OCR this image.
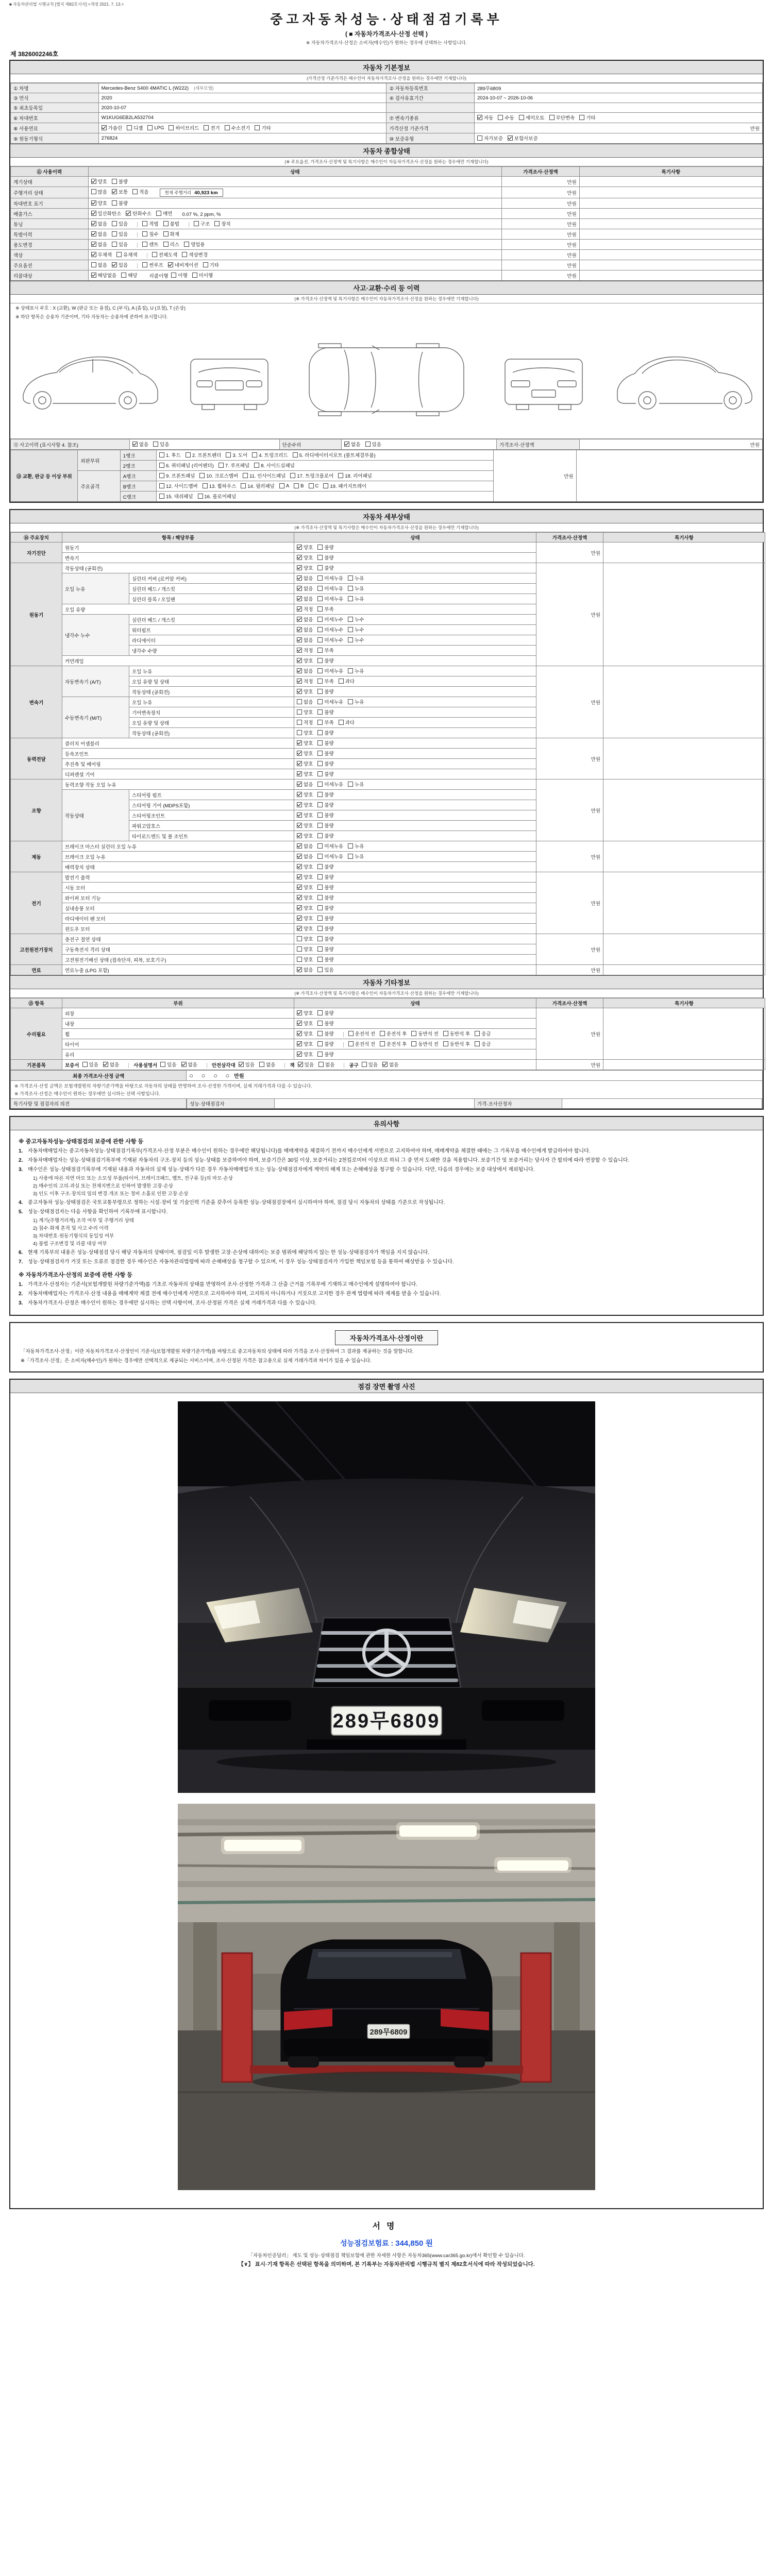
■ 자동차관리법 시행규칙 [별지 제82호서식] <개정 2021. 7. 13.>
중고자동차성능·상태점검기록부
( ■ 자동차가격조사·산정 선택 )
※ 자동차가격조사·산정은 소비자(매수인)가 원하는 경우에 선택하는 사항입니다.
제 3826002246호
자동차 기본정보
(가격산정 기준가격은 매수인이 자동차가격조사·산정을 원하는 경우에만 기재합니다)
① 차명	Mercedes-Benz S400 4MATIC L (W222) (세부모델)	② 자동차등록번호	289무6809
③ 연식	2020	④ 검사유효기간	2024-10-07 ~ 2026-10-06
⑤ 최초등록일	2020-10-07		
⑥ 차대번호	W1KUG6EB2LA532704	⑦ 변속기종류	자동 수동 세미오토 무단변속 기타

⑧ 사용연료	가솔린 디젤 LPG 하이브리드 전기 수소전기 기타	가격산정 기준가격	만원
⑨ 원동기형식	276824	⑩ 보증유형	자가보증 보험사보증
자동차 종합상태
(※ 주요옵션, 가격조사·산정액 및 특기사항은 매수인이 자동차가격조사·산정을 원하는 경우에만 기재합니다)
⑪ 사용이력	상태	가격조사·산정액	특기사항
계기상태	양호 불량	만원	
주행거리 상태	많음 보통 적음 현재 주행거리 40,923 km	만원	
차대번호 표기	양호 불량	만원	
배출가스	일산화탄소 탄화수소 매연 0.07 %, 2 ppm, %	만원	
튜닝	없음 있음	적법 불법	구조 장치	만원	
특별이력	없음 있음 침수 화재	만원	
용도변경	없음 있음 렌트 리스 영업용	만원	
색상	무채색 유채색 전체도색 색상변경	만원	
주요옵션	없음 있음 썬루프 네비게이션 기타	만원	
리콜대상	해당없음 해당 리콜이행 이행 미이행	만원	
사고·교환·수리 등 이력
(※ 가격조사·산정액 및 특기사항은 매수인이 자동차가격조사·산정을 원하는 경우에만 기재합니다)
※ 상태표시 부호 : X (교환), W (판금 또는 용접), C (부식), A (흠집), U (요철), T (손상)
※ 하단 항목은 승용차 기준이며, 기타 자동차는 승용차에 준하여 표시합니다.
⑫ 사고이력 (표시사항 4. 참조)	없음 있음	단순수리	없음 있음	가격조사·산정액	만원
⑬ 교환, 판금 등 이상 부위	외판부위	1랭크	1. 후드 2. 프론트펜더 3. 도어 4. 트렁크리드 5. 라디에이터서포트 (볼트체결부품)	만원	
		2랭크	6. 쿼터패널 (리어펜더) 7. 루프패널 8. 사이드실패널		

	주요골격	A랭크	9. 프론트패널 10. 크로스멤버 11. 인사이드패널 17. 트렁크플로어 18. 리어패널		

B랭크	12. 사이드멤버 13. 휠하우스 14. 필러패널 A B C 19. 패키지트레이

		C랭크	15. 대쉬패널 16. 플로어패널		
자동차 세부상태
(※ 가격조사·산정액 및 특기사항은 매수인이 자동차가격조사·산정을 원하는 경우에만 기재합니다)
⑭ 주요장치	항목 / 해당부품		상태	가격조사·산정액	특기사항
자기진단	원동기		양호 불량	만원	
	변속기		양호 불량		

원동기	작동상태 (공회전)		양호 불량	만원	
	오일 누유	실린더 커버 (로커암 커버)	없음 미세누유 누유		

		실린더 헤드 / 개스킷	없음 미세누유 누유		

		실린더 블록 / 오일팬	없음 미세누유 누유		

	오일 유량		적정 부족		

	냉각수 누수	실린더 헤드 / 개스킷	없음 미세누수 누수		

		워터펌프	없음 미세누수 누수		

		라디에이터	없음 미세누수 누수		

		냉각수 수량	적정 부족		

	커먼레일		양호 불량		

변속기	자동변속기 (A/T)	오일 누유	없음 미세누유 누유	만원	
		오일 유량 및 상태	적정 부족 과다		

		작동상태 (공회전)	양호 불량		

	수동변속기 (M/T)	오일 누유	없음 미세누유 누유		

		기어변속장치	양호 불량		

		오일 유량 및 상태	적정 부족 과다		

		작동상태 (공회전)	양호 불량		

동력전달	클러치 어셈블리		양호 불량	만원	
	등속조인트		양호 불량		

	추진축 및 베어링		양호 불량		

	디퍼렌셜 기어		양호 불량		

조향	동력조향 작동 오일 누유		없음 미세누유 누유	만원	
	작동상태	스티어링 펌프	양호 불량		

		스티어링 기어 (MDPS포함)	양호 불량		

		스티어링조인트	양호 불량		

		파워고압호스	양호 불량		

		타이로드엔드 및 볼 조인트	양호 불량		

제동	브레이크 마스터 실린더 오일 누유		없음 미세누유 누유	만원	
	브레이크 오일 누유		없음 미세누유 누유		

	배력장치 상태		양호 불량		

전기	발전기 출력		양호 불량	만원	
	시동 모터		양호 불량		

	와이퍼 모터 기능		양호 불량		

	실내송풍 모터		양호 불량		

	라디에이터 팬 모터		양호 불량		

	윈도우 모터		양호 불량		

고전원전기장치	충전구 절연 상태		양호 불량	만원	
	구동축전지 격리 상태		양호 불량		

	고전원전기배선 상태 (접속단자, 피복, 보호기구)		양호 불량		

연료	연료누출 (LPG 포함)		없음 있음	만원	
자동차 기타정보
(※ 가격조사·산정액 및 특기사항은 매수인이 자동차가격조사·산정을 원하는 경우에만 기재합니다)
⑮ 항목	부위	상태	가격조사·산정액	특기사항
수리필요	외장	양호 불량	만원	
	내장	양호 불량		

휠	양호 불량	운전석 전 운전석 후 동반석 전 동반석 후 응급

타이어	양호 불량	운전석 전 운전석 후 동반석 전 동반석 후 응급

	유리	양호 불량		

기본품목	보증서 있음 없음	사용설명서 있음 없음	안전삼각대 있음 없음	잭 있음 없음	공구 있음 없음	만원	
최종 가격조사·산정 금액	○ ○ ○ ○ 만원

※ 가격조사·산정 금액은 보험개발원의 차량기준가액을 바탕으로 자동차의 상태를 반영하여 조사·산정한 가격이며, 실제 거래가격과 다를 수 있습니다.
※ 가격조사·산정은 매수인이 원하는 경우에만 실시하는 선택 사항입니다.

특기사항 및 점검자의 의견		성능·상태점검자		가격·조사산정자	
유의사항

※ 중고자동차성능·상태점검의 보증에 관한 사항 등

1. 자동차매매업자는 중고자동차성능·상태점검기록부(가격조사·산정 부분은 매수인이 원하는 경우에만 해당됩니다)를 매매계약을 체결하기 전까지 매수인에게 서면으로 고지하여야 하며, 매매계약을 체결한 때에는 그 기록부를 매수인에게 발급하여야 합니다.
2. 자동차매매업자는 성능·상태점검기록부에 기재된 자동차의 구조·장치 등의 성능·상태를 보증하여야 하며, 보증기간은 30일 이상, 보증거리는 2천킬로미터 이상으로 하되 그 중 먼저 도래한 것을 적용합니다. 보증기간 및 보증거리는 당사자 간 합의에 따라 연장할 수 있습니다.
3. 매수인은 성능·상태점검기록부에 기재된 내용과 자동차의 실제 성능·상태가 다른 경우 자동차매매업자 또는 성능·상태점검자에게 계약의 해제 또는 손해배상을 청구할 수 있습니다. 다만, 다음의 경우에는 보증 대상에서 제외됩니다.
1) 사용에 따른 자연 마모 또는 소모성 부품(타이어, 브레이크패드, 벨트, 전구류 등)의 마모·손상
2) 매수인의 고의·과실 또는 천재지변으로 인하여 발생한 고장·손상
3) 인도 이후 구조·장치의 임의 변경·개조 또는 정비 소홀로 인한 고장·손상
4. 중고자동차 성능·상태점검은 국토교통부령으로 정하는 시설·장비 및 기술인력 기준을 갖추어 등록한 성능·상태점검장에서 실시하여야 하며, 점검 당시 자동차의 상태를 기준으로 작성됩니다.
5. 성능·상태점검자는 다음 사항을 확인하여 기록부에 표시합니다.
1) 계기(주행거리계) 조작 여부 및 주행거리 상태
2) 침수·화재 흔적 및 사고 수리 이력
3) 차대번호·원동기형식의 동일성 여부
4) 불법 구조변경 및 리콜 대상 여부
6. 현재 기록부의 내용은 성능·상태점검 당시 해당 자동차의 상태이며, 점검일 이후 발생한 고장·손상에 대하여는 보증 범위에 해당하지 않는 한 성능·상태점검자가 책임을 지지 않습니다.
7. 성능·상태점검자가 거짓 또는 오류로 점검한 경우 매수인은 자동차관리법령에 따라 손해배상을 청구할 수 있으며, 이 경우 성능·상태점검자가 가입한 책임보험 등을 통하여 배상받을 수 있습니다.

※ 자동차가격조사·산정의 보증에 관한 사항 등

1. 가격조사·산정자는 기준서(보험개발원 차량기준가액)를 기초로 자동차의 상태를 반영하여 조사·산정한 가격과 그 산출 근거를 기록부에 기재하고 매수인에게 설명하여야 합니다.
2. 자동차매매업자는 가격조사·산정 내용을 매매계약 체결 전에 매수인에게 서면으로 고지하여야 하며, 고지하지 아니하거나 거짓으로 고지한 경우 관계 법령에 따라 제재를 받을 수 있습니다.
3. 자동차가격조사·산정은 매수인이 원하는 경우에만 실시하는 선택 사항이며, 조사·산정된 가격은 실제 거래가격과 다를 수 있습니다.
자동차가격조사·산정이란

「자동차가격조사·산정」이란 자동차가격조사·산정인이 기준서(보험개발원 차량기준가액)를 바탕으로 중고자동차의 상태에 따라 가격을 조사·산정하여 그 결과를 제공하는 것을 말합니다.

※「가격조사·산정」은 소비자(매수인)가 원하는 경우에만 선택적으로 제공되는 서비스이며, 조사·산정된 가격은 참고용으로 실제 거래가격과 차이가 있을 수 있습니다.

점검 장면 촬영 사진
289무6809
289무6809
서명
성능점검보험료 : 344,850 원

「자동차인증딜러」 제도 및 성능·상태점검 책임보험에 관한 자세한 사항은 자동차365(www.car365.go.kr)에서 확인할 수 있습니다.

【∨】 표시·기재 항목은 선택된 항목을 의미하며, 본 기록부는 자동차관리법 시행규칙 별지 제82호서식에 따라 작성되었습니다.
